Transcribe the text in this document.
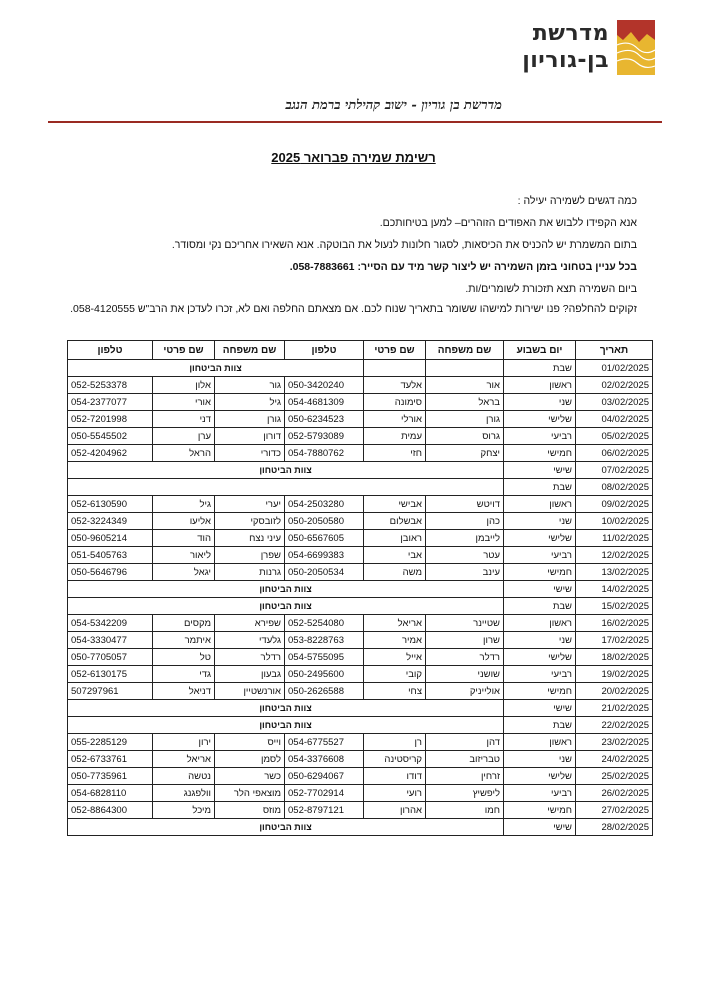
מדרשת
בן-גוריון
מדרשת בן גוריון - ישוב קהילתי ברמת הנגב
רשימת שמירה פברואר 2025
כמה דגשים לשמירה יעילה :
אנא הקפידו ללבוש את האפודים הזוהרים– למען בטיחותכם.
בתום המשמרת יש להכניס את הכיסאות, לסגור חלונות לנעול את הבוטקה. אנא השאירו אחריכם נקי ומסודר.
בכל עניין בטחוני בזמן השמירה יש ליצור קשר מיד עם הסייר: 058-7883661.
ביום השמירה תצא תזכורת לשומרים/ות.
זקוקים להחלפה? פנו ישירות למישהו ששומר בתאריך שנוח לכם. אם מצאתם החלפה ואם לא, זכרו לעדכן את הרב"ש 058-4120555.
תאריך	יום בשבוע	שם משפחה	שם פרטי	טלפון	שם משפחה	שם פרטי	טלפון
01/02/2025	שבת			צוות הביטחון			
02/02/2025	ראשון	אור	אלעד	050-3420240	גור	אלון	052-5253378
03/02/2025	שני	בראל	סימונה	054-4681309	גיל	אורי	054-2377077
04/02/2025	שלישי	גורן	אורלי	050-6234523	גורן	דני	052-7201998
05/02/2025	רביעי	גרוס	עמית	052-5793089	דורון	ערן	050-5545502
06/02/2025	חמישי	יצחק	חזי	054-7880762	כדורי	הראל	052-4204962
07/02/2025	שישי	צוות הביטחון					
08/02/2025	שבת						
09/02/2025	ראשון	דויטש	אבישי	054-2503280	יערי	גיל	052-6130590
10/02/2025	שני	כהן	אבשלום	050-2050580	לזובסקי	אליעו	052-3224349
11/02/2025	שלישי	לייבמן	ראובן	050-6567605	עיני נצח	הוד	050-9605214
12/02/2025	רביעי	עטר	אבי	054-6699383	שפרן	ליאור	051-5405763
13/02/2025	חמישי	עינב	משה	050-2050534	גרנות	יגאל	050-5646796
14/02/2025	שישי	צוות הביטחון					
15/02/2025	שבת	צוות הביטחון					
16/02/2025	ראשון	שטיינר	אריאל	052-5254080	שפירא	מקסים	054-5342209
17/02/2025	שני	שרון	אמיר	053-8228763	גלעדי	איתמר	054-3330477
18/02/2025	שלישי	רדלר	אייל	054-5755095	רדלר	טל	050-7705057
19/02/2025	רביעי	שושני	קובי	050-2495600	גבעון	גדי	052-6130175
20/02/2025	חמישי	אולייניק	צחי	050-2626588	אורנשטיין	דניאל	507297961
21/02/2025	שישי	צוות הביטחון					
22/02/2025	שבת	צוות הביטחון					
23/02/2025	ראשון	דהן	רן	054-6775527	וייס	ירון	055-2285129
24/02/2025	שני	טבריזוב	קריסטינה	054-3376608	לסמן	אריאל	052-6733761
25/02/2025	שלישי	זרחין	דודו	050-6294067	כשר	נטשה	050-7735961
26/02/2025	רביעי	ליפשיץ	רועי	052-7702914	מוצאפי הלר	וולפגנג	054-6828110
27/02/2025	חמישי	חמו	אהרון	052-8797121	מוזס	מיכל	052-8864300
28/02/2025	שישי	צוות הביטחון					
